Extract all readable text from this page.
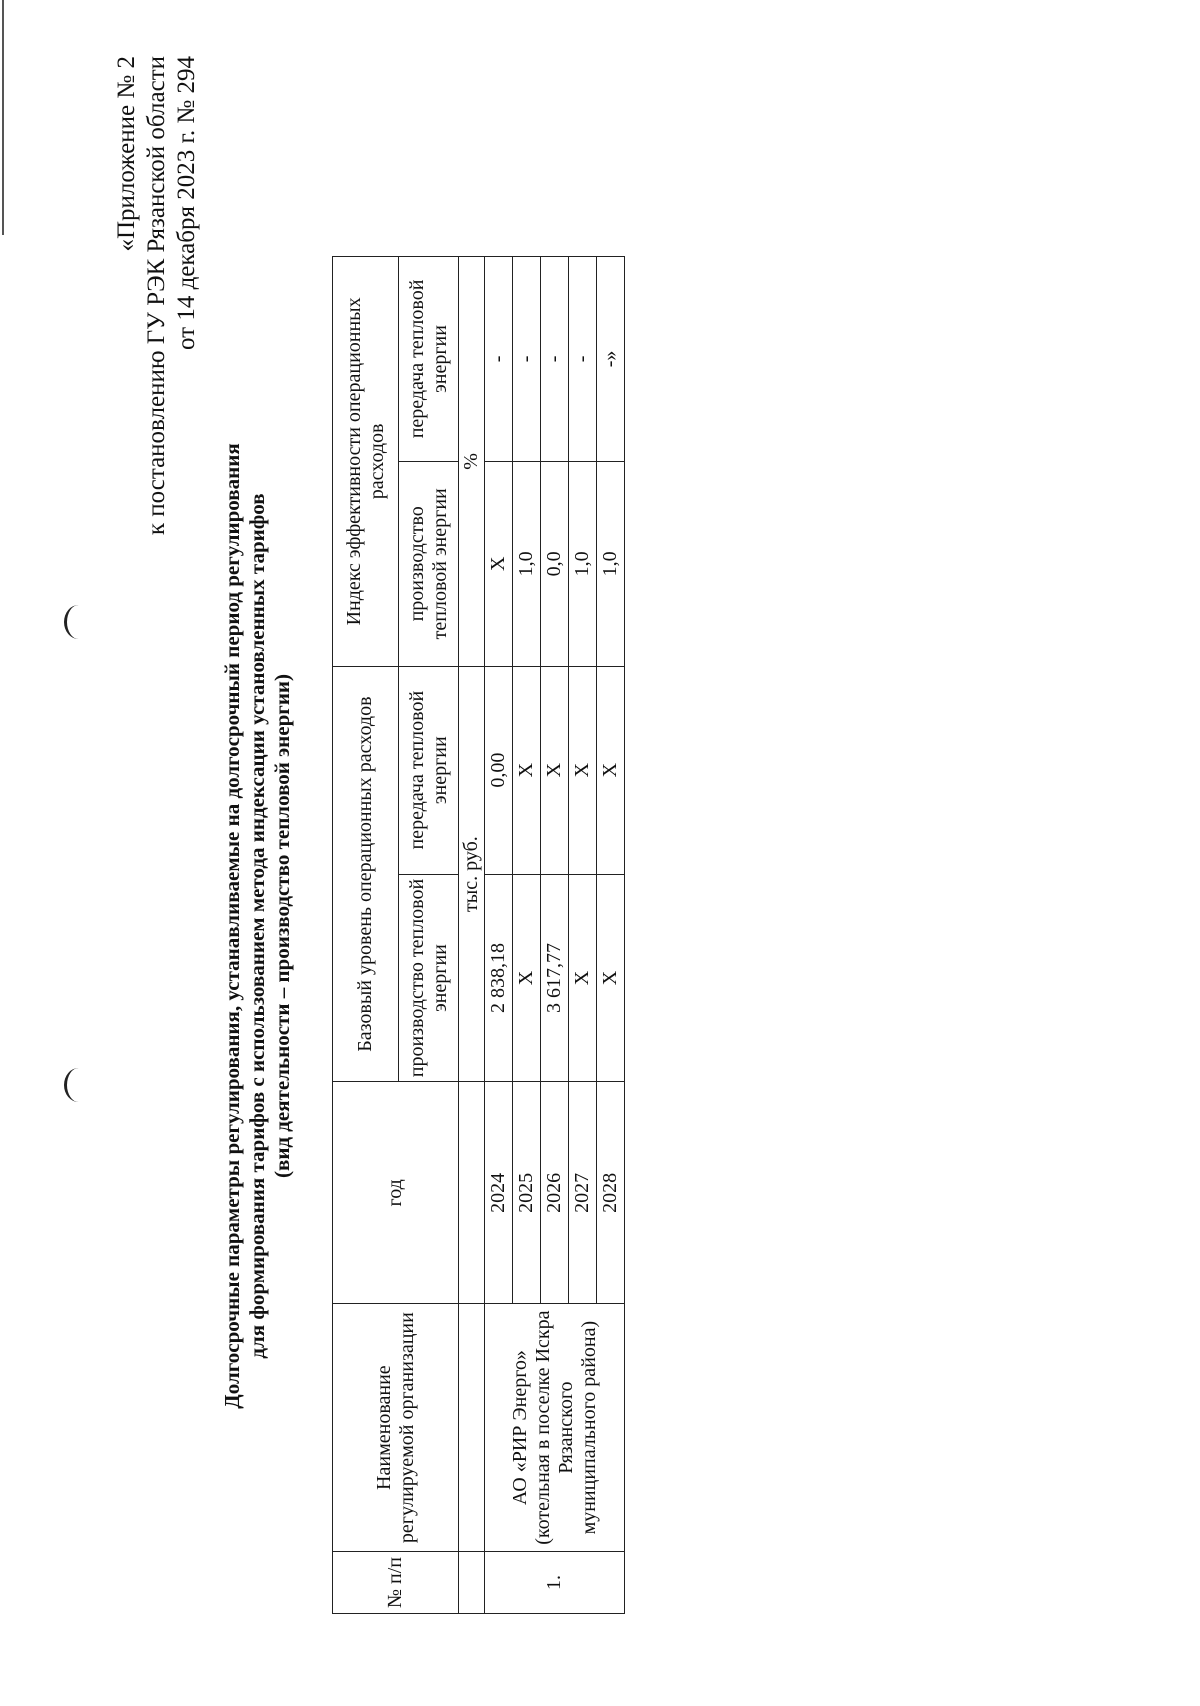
«Приложение № 2 к постановлению ГУ РЭК Рязанской области от 14 декабря 2023 г. № 294
Долгосрочные параметры регулирования, устанавливаемые на долгосрочный период регулирования для формирования тарифов с использованием метода индексации установленных тарифов (вид деятельности – производство тепловой энергии)
№ п/п	Наименование регулируемой организации	год	Базовый уровень операционных расходов		Индекс эффективности операционных расходов	
			производство тепловой энергии	передача тепловой энергии	производство тепловой энергии	передача тепловой энергии
			тыс. руб.		%	
1.	АО «РИР Энерго» (котельная в поселке Искра Рязанского муниципального района)	2024	2 838,18	0,00	X	-
		2025	X	X	1,0	-
		2026	3 617,77	X	0,0	-
		2027	X	X	1,0	-
		2028	X	X	1,0	-»
